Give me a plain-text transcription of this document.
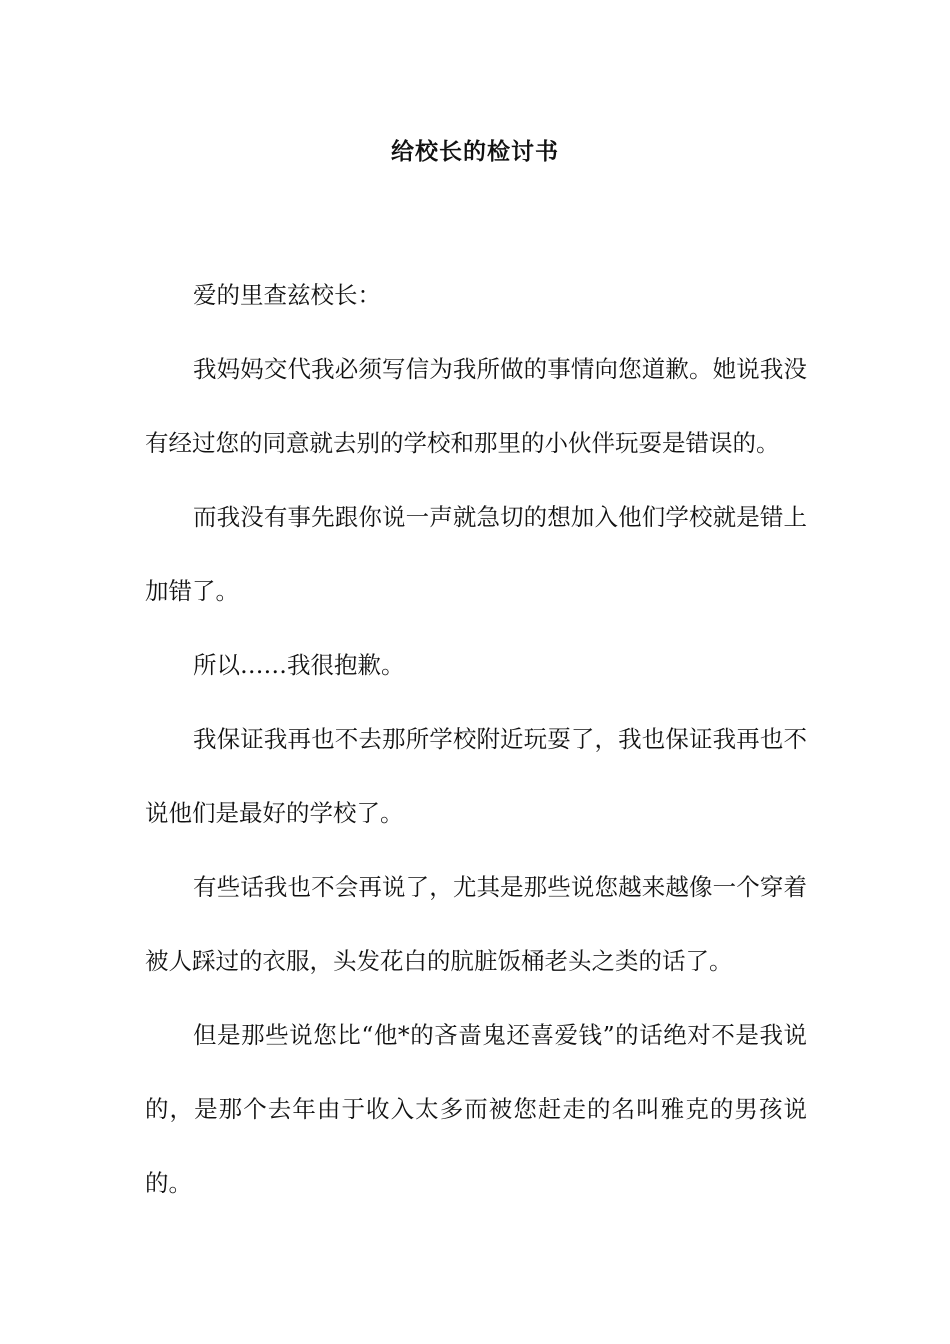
给校长的检讨书

爱的里查兹校长：

我妈妈交代我必须写信为我所做的事情向您道歉。她说我没有经过您的同意就去别的学校和那里的小伙伴玩耍是错误的。

而我没有事先跟你说一声就急切的想加入他们学校就是错上加错了。

所以……我很抱歉。

我保证我再也不去那所学校附近玩耍了，我也保证我再也不说他们是最好的学校了。

有些话我也不会再说了，尤其是那些说您越来越像一个穿着被人踩过的衣服，头发花白的肮脏饭桶老头之类的话了。

但是那些说您比“他*的吝啬鬼还喜爱钱”的话绝对不是我说的，是那个去年由于收入太多而被您赶走的名叫雅克的男孩说的。
